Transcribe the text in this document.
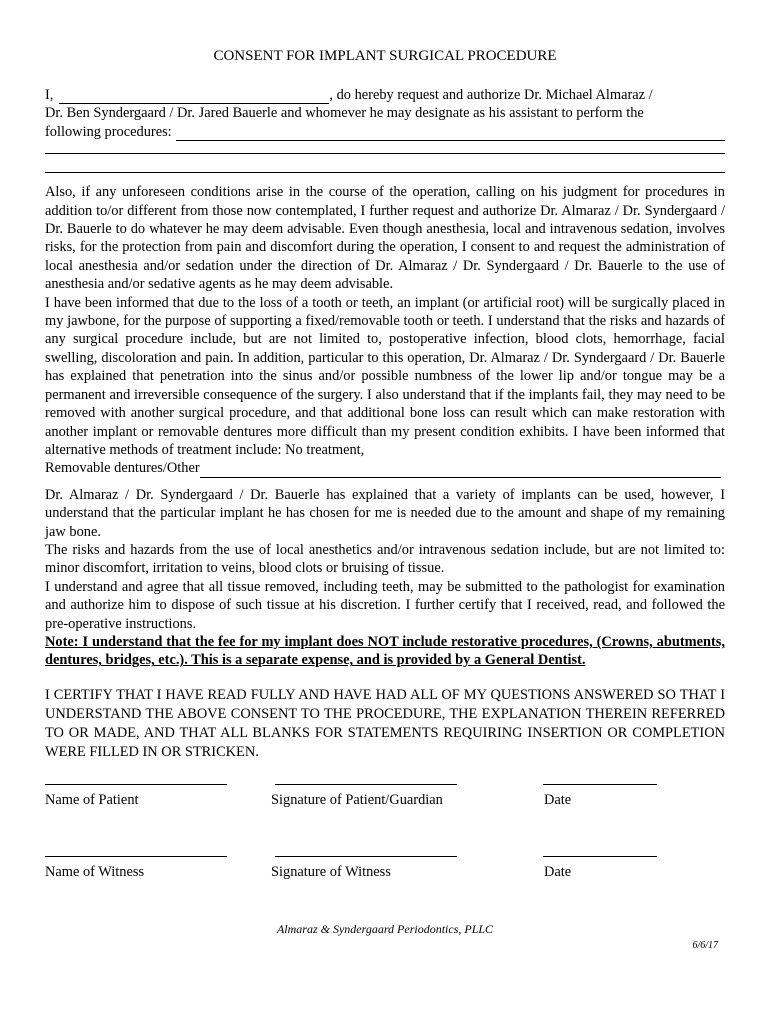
CONSENT FOR IMPLANT SURGICAL PROCEDURE
I,	, do hereby request and authorize Dr. Michael Almaraz /
Dr. Ben Syndergaard / Dr. Jared Bauerle and whomever he may designate as his assistant to perform the
following procedures:
Also, if any unforeseen conditions arise in the course of the operation, calling on his judgment for procedures in addition to/or different from those now contemplated, I further request and authorize Dr. Almaraz / Dr. Syndergaard / Dr. Bauerle to do whatever he may deem advisable. Even though anesthesia, local and intravenous sedation, involves risks, for the protection from pain and discomfort during the operation, I consent to and request the administration of local anesthesia and/or sedation under the direction of Dr. Almaraz / Dr. Syndergaard / Dr. Bauerle to the use of anesthesia and/or sedative agents as he may deem advisable.
I have been informed that due to the loss of a tooth or teeth, an implant (or artificial root) will be surgically placed in my jawbone, for the purpose of supporting a fixed/removable tooth or teeth. I understand that the risks and hazards of any surgical procedure include, but are not limited to, postoperative infection, blood clots, hemorrhage, facial swelling, discoloration and pain. In addition, particular to this operation, Dr. Almaraz / Dr. Syndergaard / Dr. Bauerle has explained that penetration into the sinus and/or possible numbness of the lower lip and/or tongue may be a permanent and irreversible consequence of the surgery. I also understand that if the implants fail, they may need to be removed with another surgical procedure, and that additional bone loss can result which can make restoration with another implant or removable dentures more difficult than my present condition exhibits. I have been informed that alternative methods of treatment include: No treatment,
Removable dentures/Other
Dr. Almaraz / Dr. Syndergaard / Dr. Bauerle has explained that a variety of implants can be used, however, I understand that the particular implant he has chosen for me is needed due to the amount and shape of my remaining jaw bone.
The risks and hazards from the use of local anesthetics and/or intravenous sedation include, but are not limited to: minor discomfort, irritation to veins, blood clots or bruising of tissue.
I understand and agree that all tissue removed, including teeth, may be submitted to the pathologist for examination and authorize him to dispose of such tissue at his discretion. I further certify that I received, read, and followed the pre-operative instructions.
Note: I understand that the fee for my implant does NOT include restorative procedures, (Crowns, abutments, dentures, bridges, etc.). This is a separate expense, and is provided by a General Dentist.
I CERTIFY THAT I HAVE READ FULLY AND HAVE HAD ALL OF MY QUESTIONS ANSWERED SO THAT I UNDERSTAND THE ABOVE CONSENT TO THE PROCEDURE, THE EXPLANATION THEREIN REFERRED TO OR MADE, AND THAT ALL BLANKS FOR STATEMENTS REQUIRING INSERTION OR COMPLETION WERE FILLED IN OR STRICKEN.
Name of Patient	Signature of Patient/Guardian	Date
Name of Witness	Signature of Witness	Date
Almaraz & Syndergaard Periodontics, PLLC
6/6/17
